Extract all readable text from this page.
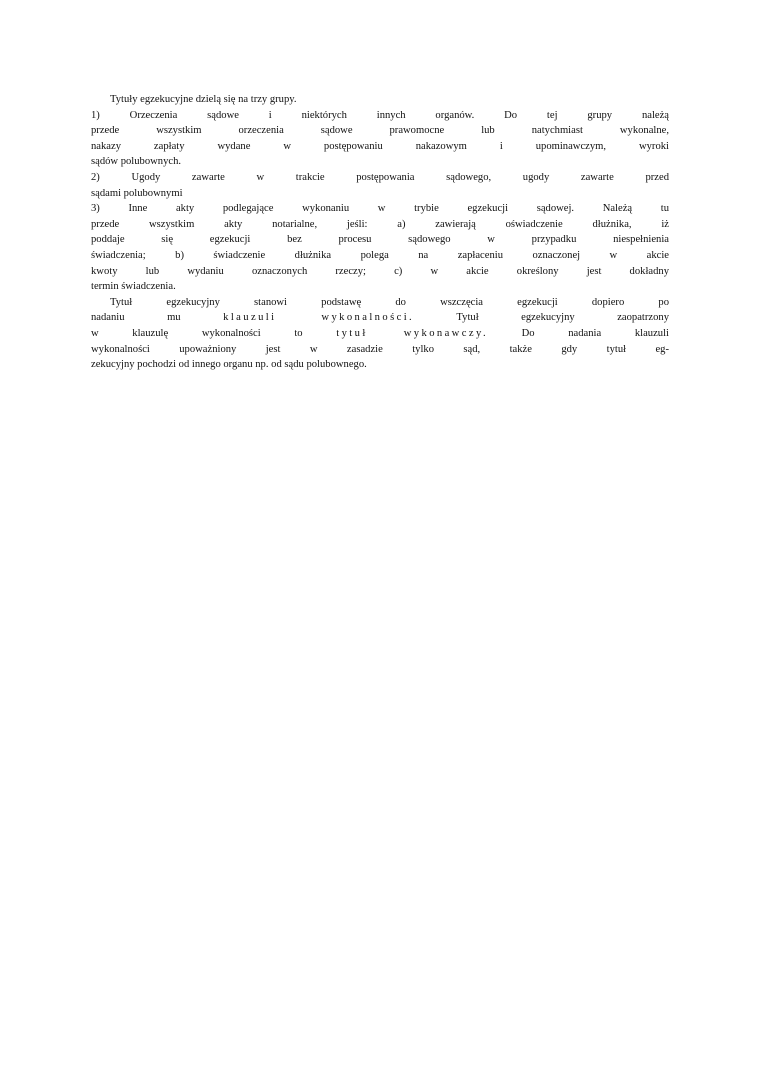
Tytuły egzekucyjne dzielą się na trzy grupy.
1) Orzeczenia sądowe i niektórych innych organów. Do tej grupy należą
przede wszystkim orzeczenia sądowe prawomocne lub natychmiast wykonalne,
nakazy zapłaty wydane w postępowaniu nakazowym i upominawczym, wyroki
sądów polubownych.
2) Ugody zawarte w trakcie postępowania sądowego, ugody zawarte przed
sądami polubownymi
3) Inne akty podlegające wykonaniu w trybie egzekucji sądowej. Należą tu
przede wszystkim akty notarialne, jeśli: a) zawierają oświadczenie dłużnika, iż
poddaje się egzekucji bez procesu sądowego w przypadku niespełnienia
świadczenia; b) świadczenie dłużnika polega na zapłaceniu oznaczonej w akcie
kwoty lub wydaniu oznaczonych rzeczy; c) w akcie określony jest dokładny
termin świadczenia.
Tytuł egzekucyjny stanowi podstawę do wszczęcia egzekucji dopiero po
nadaniu mu klauzuli wykonalności. Tytuł egzekucyjny zaopatrzony
w klauzulę wykonalności to tytuł wykonawczy. Do nadania klauzuli
wykonalności upoważniony jest w zasadzie tylko sąd, także gdy tytuł eg-
zekucyjny pochodzi od innego organu np. od sądu polubownego.
